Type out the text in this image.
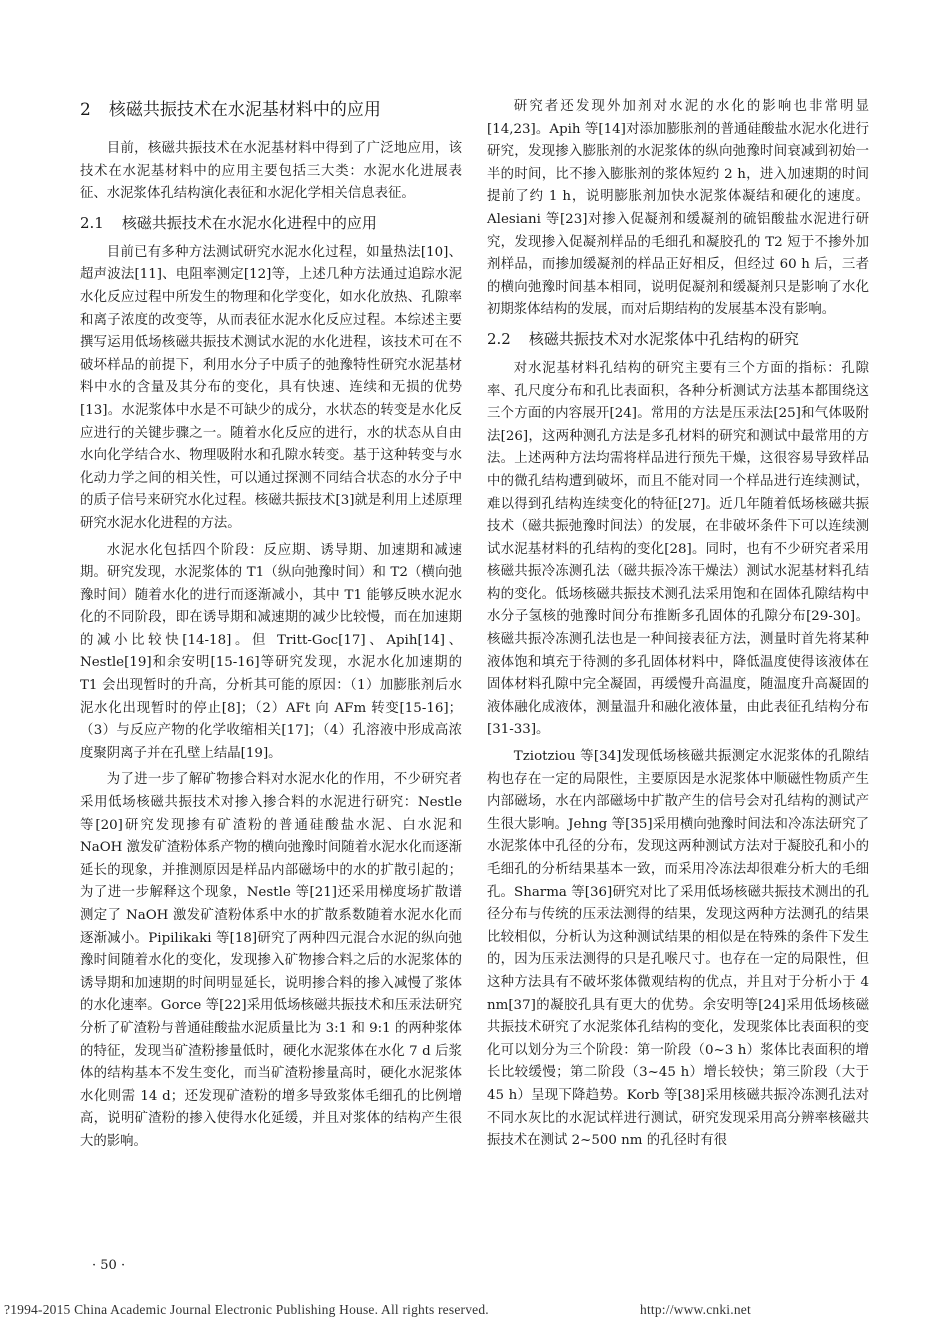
2 核磁共振技术在水泥基材料中的应用

目前，核磁共振技术在水泥基材料中得到了广泛地应用，该技术在水泥基材料中的应用主要包括三大类：水泥水化进展表征、水泥浆体孔结构演化表征和水泥化学相关信息表征。

2.1 核磁共振技术在水泥水化进程中的应用

目前已有多种方法测试研究水泥水化过程，如量热法[10]、超声波法[11]、电阻率测定[12]等，上述几种方法通过追踪水泥水化反应过程中所发生的物理和化学变化，如水化放热、孔隙率和离子浓度的改变等，从而表征水泥水化反应过程。本综述主要撰写运用低场核磁共振技术测试水泥的水化进程，该技术可在不破坏样品的前提下，利用水分子中质子的弛豫特性研究水泥基材料中水的含量及其分布的变化，具有快速、连续和无损的优势[13]。水泥浆体中水是不可缺少的成分，水状态的转变是水化反应进行的关键步骤之一。随着水化反应的进行，水的状态从自由水向化学结合水、物理吸附水和孔隙水转变。基于这种转变与水化动力学之间的相关性，可以通过探测不同结合状态的水分子中的质子信号来研究水化过程。核磁共振技术[3]就是利用上述原理研究水泥水化进程的方法。

水泥水化包括四个阶段：反应期、诱导期、加速期和减速期。研究发现，水泥浆体的 T1（纵向弛豫时间）和 T2（横向弛豫时间）随着水化的进行而逐渐减小，其中 T1 能够反映水泥水化的不同阶段，即在诱导期和减速期的减少比较慢，而在加速期的减小比较快[14-18]。但 Tritt-Goc[17]、Apih[14]、Nestle[19]和余安明[15-16]等研究发现，水泥水化加速期的 T1 会出现暂时的升高，分析其可能的原因：（1）加膨胀剂后水泥水化出现暂时的停止[8]；（2）AFt 向 AFm 转变[15-16]；（3）与反应产物的化学收缩相关[17]；（4）孔溶液中形成高浓度聚阴离子并在孔壁上结晶[19]。

为了进一步了解矿物掺合料对水泥水化的作用，不少研究者采用低场核磁共振技术对掺入掺合料的水泥进行研究：Nestle 等[20]研究发现掺有矿渣粉的普通硅酸盐水泥、白水泥和 NaOH 激发矿渣粉体系产物的横向弛豫时间随着水泥水化而逐渐延长的现象，并推测原因是样品内部磁场中的水的扩散引起的；为了进一步解释这个现象，Nestle 等[21]还采用梯度场扩散谱测定了 NaOH 激发矿渣粉体系中水的扩散系数随着水泥水化而逐渐减小。Pipilikaki 等[18]研究了两种四元混合水泥的纵向弛豫时间随着水化的变化，发现掺入矿物掺合料之后的水泥浆体的诱导期和加速期的时间明显延长，说明掺合料的掺入减慢了浆体的水化速率。Gorce 等[22]采用低场核磁共振技术和压汞法研究分析了矿渣粉与普通硅酸盐水泥质量比为 3:1 和 9:1 的两种浆体的特征，发现当矿渣粉掺量低时，硬化水泥浆体在水化 7 d 后浆体的结构基本不发生变化，而当矿渣粉掺量高时，硬化水泥浆体水化则需 14 d；还发现矿渣粉的增多导致浆体毛细孔的比例增高，说明矿渣粉的掺入使得水化延缓，并且对浆体的结构产生很大的影响。

研究者还发现外加剂对水泥的水化的影响也非常明显[14,23]。Apih 等[14]对添加膨胀剂的普通硅酸盐水泥水化进行研究，发现掺入膨胀剂的水泥浆体的纵向弛豫时间衰减到初始一半的时间，比不掺入膨胀剂的浆体短约 2 h，进入加速期的时间提前了约 1 h，说明膨胀剂加快水泥浆体凝结和硬化的速度。Alesiani 等[23]对掺入促凝剂和缓凝剂的硫铝酸盐水泥进行研究，发现掺入促凝剂样品的毛细孔和凝胶孔的 T2 短于不掺外加剂样品，而掺加缓凝剂的样品正好相反，但经过 60 h 后，三者的横向弛豫时间基本相同，说明促凝剂和缓凝剂只是影响了水化初期浆体结构的发展，而对后期结构的发展基本没有影响。

2.2 核磁共振技术对水泥浆体中孔结构的研究

对水泥基材料孔结构的研究主要有三个方面的指标：孔隙率、孔尺度分布和孔比表面积，各种分析测试方法基本都围绕这三个方面的内容展开[24]。常用的方法是压汞法[25]和气体吸附法[26]，这两种测孔方法是多孔材料的研究和测试中最常用的方法。上述两种方法均需将样品进行预先干燥，这很容易导致样品中的微孔结构遭到破坏，而且不能对同一个样品进行连续测试，难以得到孔结构连续变化的特征[27]。近几年随着低场核磁共振技术（磁共振弛豫时间法）的发展，在非破坏条件下可以连续测试水泥基材料的孔结构的变化[28]。同时，也有不少研究者采用核磁共振冷冻测孔法（磁共振冷冻干燥法）测试水泥基材料孔结构的变化。低场核磁共振技术测孔法采用饱和在固体孔隙结构中水分子氢核的弛豫时间分布推断多孔固体的孔隙分布[29-30]。核磁共振冷冻测孔法也是一种间接表征方法，测量时首先将某种液体饱和填充于待测的多孔固体材料中，降低温度使得该液体在固体材料孔隙中完全凝固，再缓慢升高温度，随温度升高凝固的液体融化成液体，测量温升和融化液体量，由此表征孔结构分布[31-33]。

Tziotziou 等[34]发现低场核磁共振测定水泥浆体的孔隙结构也存在一定的局限性，主要原因是水泥浆体中顺磁性物质产生内部磁场，水在内部磁场中扩散产生的信号会对孔结构的测试产生很大影响。Jehng 等[35]采用横向弛豫时间法和冷冻法研究了水泥浆体中孔径的分布，发现这两种测试方法对于凝胶孔和小的毛细孔的分析结果基本一致，而采用冷冻法却很难分析大的毛细孔。Sharma 等[36]研究对比了采用低场核磁共振技术测出的孔径分布与传统的压汞法测得的结果，发现这两种方法测孔的结果比较相似，分析认为这种测试结果的相似是在特殊的条件下发生的，因为压汞法测得的只是孔喉尺寸。也存在一定的局限性，但这种方法具有不破坏浆体微观结构的优点，并且对于分析小于 4 nm[37]的凝胶孔具有更大的优势。余安明等[24]采用低场核磁共振技术研究了水泥浆体孔结构的变化，发现浆体比表面积的变化可以划分为三个阶段：第一阶段（0~3 h）浆体比表面积的增长比较缓慢；第二阶段（3~45 h）增长较快；第三阶段（大于 45 h）呈现下降趋势。Korb 等[38]采用核磁共振冷冻测孔法对不同水灰比的水泥试样进行测试，研究发现采用高分辨率核磁共振技术在测试 2~500 nm 的孔径时有很

· 50 ·
?1994-2015 China Academic Journal Electronic Publishing House. All rights reserved.	http://www.cnki.net
